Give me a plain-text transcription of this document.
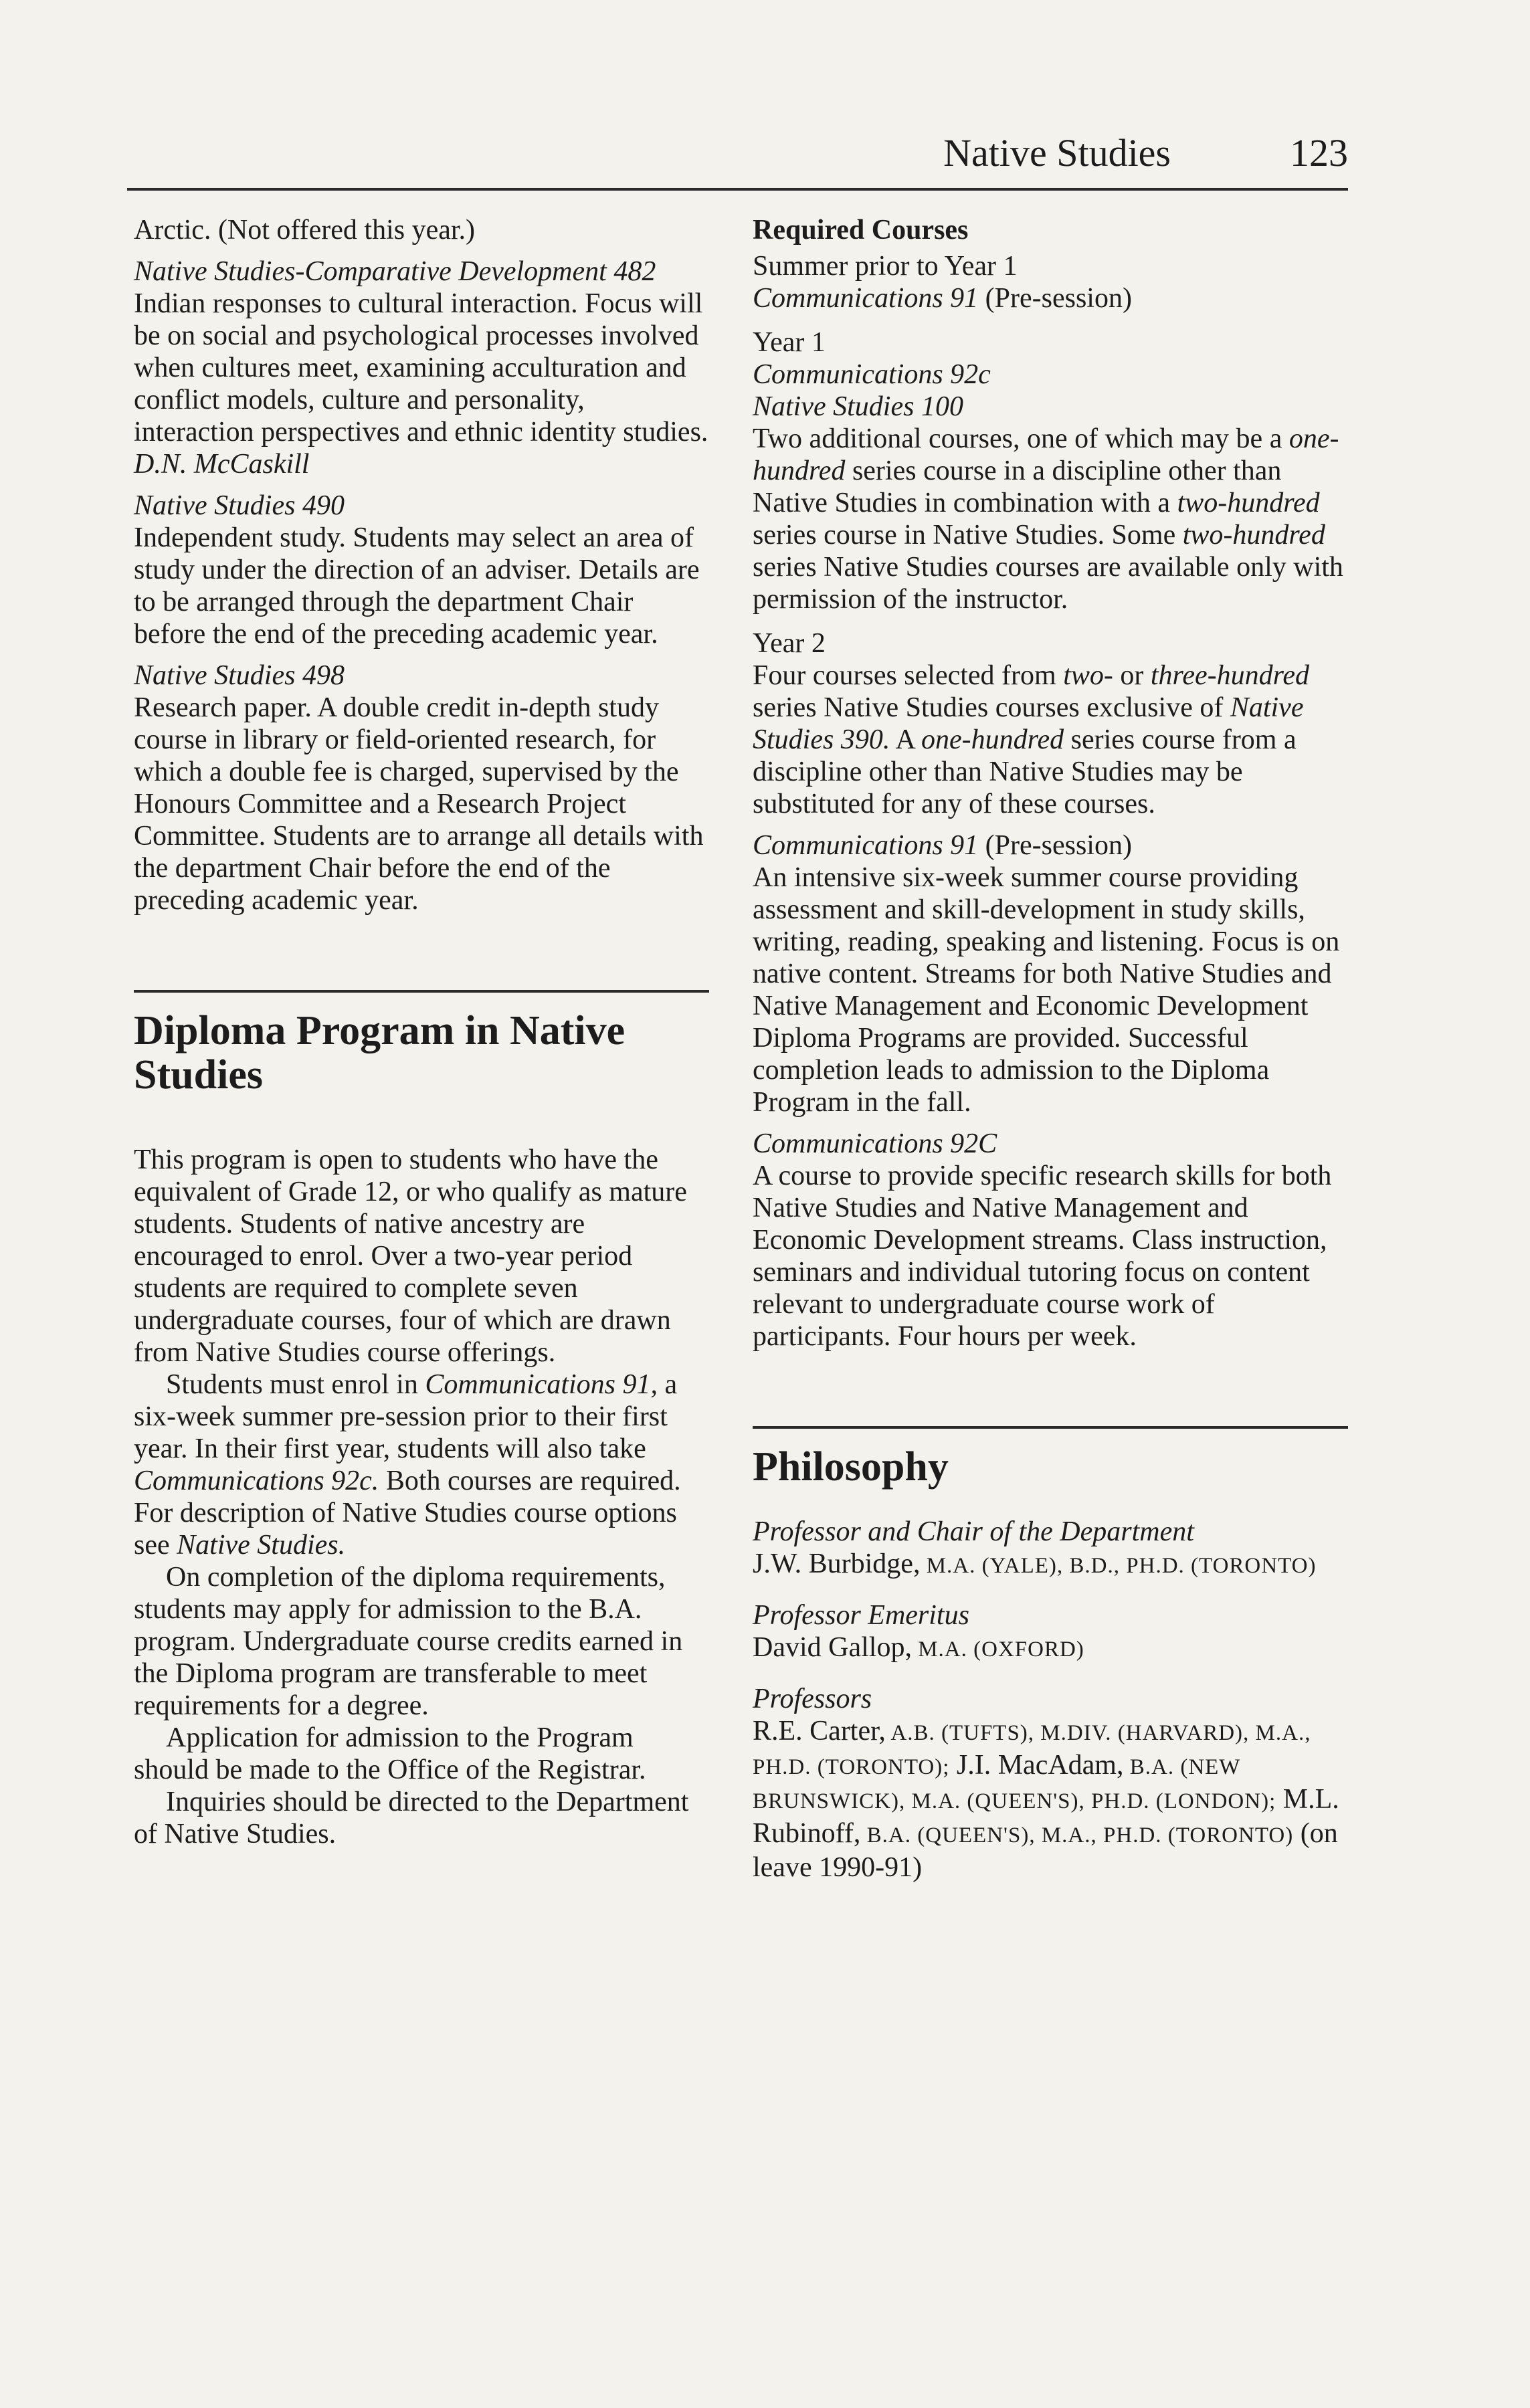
Native Studies	123

Arctic. (Not offered this year.)

Native Studies-Comparative Development 482

Indian responses to cultural interaction. Focus will be on social and psychological processes involved when cultures meet, examining acculturation and conflict models, culture and personality, interaction perspectives and ethnic identity studies.

D.N. McCaskill

Native Studies 490

Independent study. Students may select an area of study under the direction of an adviser. Details are to be arranged through the department Chair before the end of the preceding academic year.

Native Studies 498

Research paper. A double credit in-depth study course in library or field-oriented research, for which a double fee is charged, supervised by the Honours Committee and a Research Project Committee. Students are to arrange all details with the department Chair before the end of the preceding academic year.

Diploma Program in Native Studies

This program is open to students who have the equivalent of Grade 12, or who qualify as mature students. Students of native ancestry are encouraged to enrol. Over a two-year period students are required to complete seven undergraduate courses, four of which are drawn from Native Studies course offerings.

Students must enrol in Communications 91, a six-week summer pre-session prior to their first year. In their first year, students will also take Communications 92c. Both courses are required. For description of Native Studies course options see Native Studies.

On completion of the diploma requirements, students may apply for admission to the B.A. program. Undergraduate course credits earned in the Diploma program are transferable to meet requirements for a degree.

Application for admission to the Program should be made to the Office of the Registrar.

Inquiries should be directed to the Department of Native Studies.

Required Courses

Summer prior to Year 1

Communications 91 (Pre-session)

Year 1

Communications 92c

Native Studies 100

Two additional courses, one of which may be a one-hundred series course in a discipline other than Native Studies in combination with a two-hundred series course in Native Studies. Some two-hundred series Native Studies courses are available only with permission of the instructor.

Year 2

Four courses selected from two- or three-hundred series Native Studies courses exclusive of Native Studies 390. A one-hundred series course from a discipline other than Native Studies may be substituted for any of these courses.

Communications 91 (Pre-session)

An intensive six-week summer course providing assessment and skill-development in study skills, writing, reading, speaking and listening. Focus is on native content. Streams for both Native Studies and Native Management and Economic Development Diploma Programs are provided. Successful completion leads to admission to the Diploma Program in the fall.

Communications 92C

A course to provide specific research skills for both Native Studies and Native Management and Economic Development streams. Class instruction, seminars and individual tutoring focus on content relevant to undergraduate course work of participants. Four hours per week.

Philosophy

Professor and Chair of the Department

J.W. Burbidge, M.A. (YALE), B.D., PH.D. (TORONTO)

Professor Emeritus

David Gallop, M.A. (OXFORD)

Professors

R.E. Carter, A.B. (TUFTS), M.DIV. (HARVARD), M.A., PH.D. (TORONTO); J.I. MacAdam, B.A. (NEW BRUNSWICK), M.A. (QUEEN'S), PH.D. (LONDON); M.L. Rubinoff, B.A. (QUEEN'S), M.A., PH.D. (TORONTO) (on leave 1990-91)
